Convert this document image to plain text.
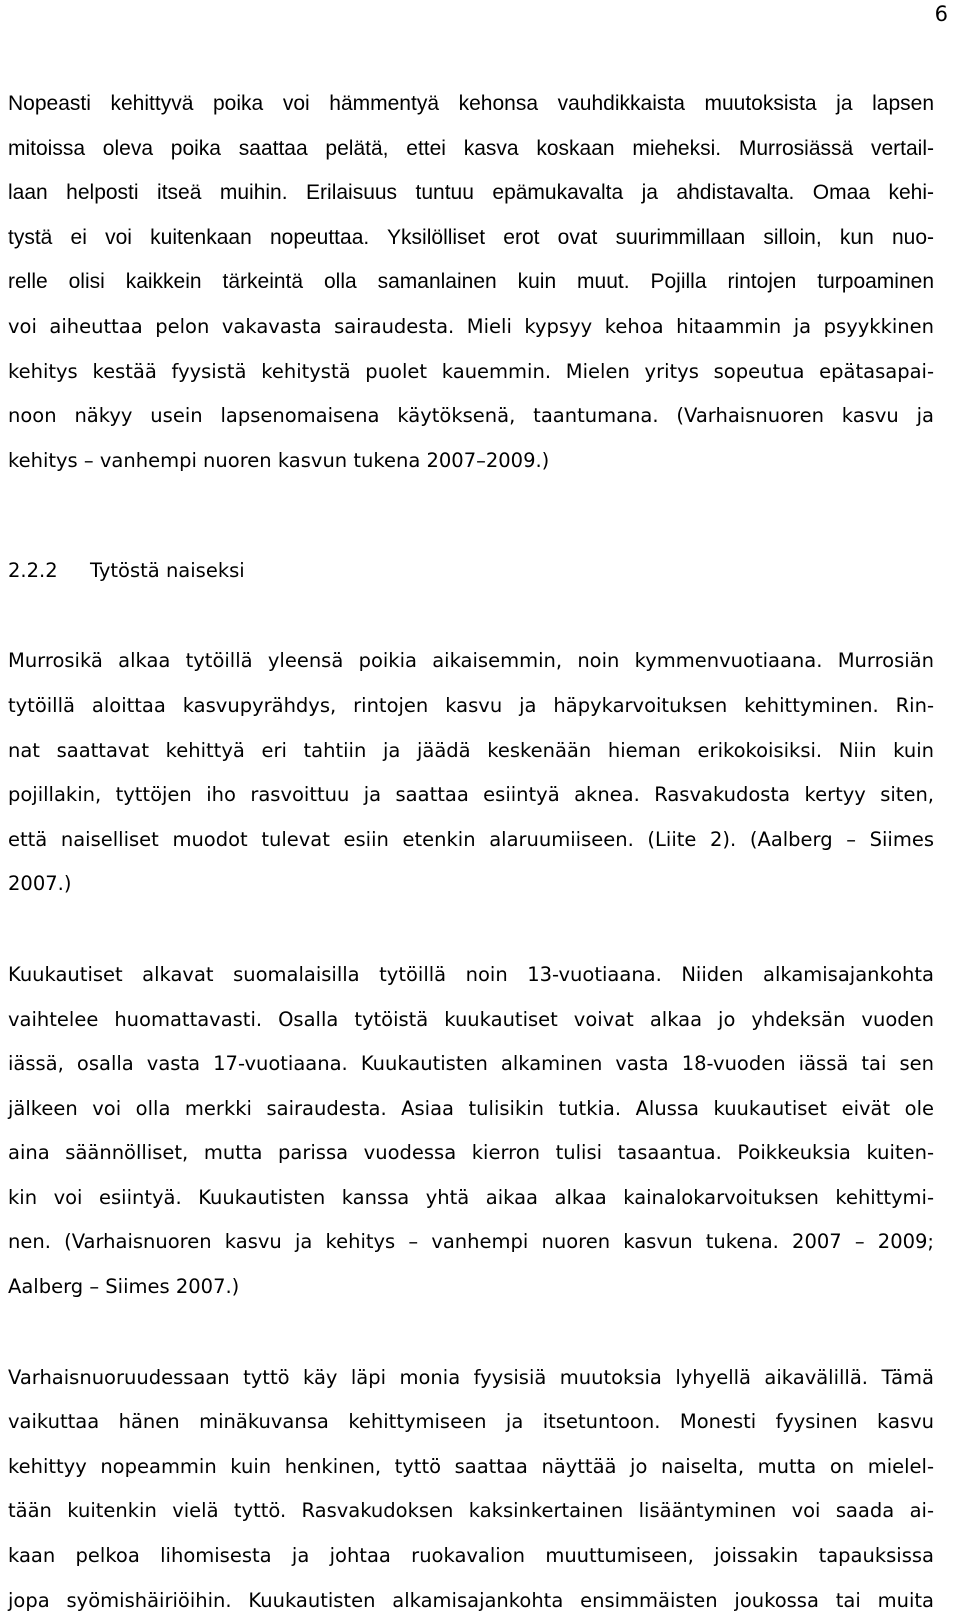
6

Nopeasti kehittyvä poika voi hämmentyä kehonsa vauhdikkaista muutoksista ja lapsen
mitoissa oleva poika saattaa pelätä, ettei kasva koskaan mieheksi. Murrosiässä vertail-
laan helposti itseä muihin. Erilaisuus tuntuu epämukavalta ja ahdistavalta. Omaa kehi-
tystä ei voi kuitenkaan nopeuttaa. Yksilölliset erot ovat suurimmillaan silloin, kun nuo-
relle olisi kaikkein tärkeintä olla samanlainen kuin muut. Pojilla rintojen turpoaminen
voi aiheuttaa pelon vakavasta sairaudesta. Mieli kypsyy kehoa hitaammin ja psyykkinen
kehitys kestää fyysistä kehitystä puolet kauemmin. Mielen yritys sopeutua epätasapai-
noon näkyy usein lapsenomaisena käytöksenä, taantumana. (Varhaisnuoren kasvu ja
kehitys – vanhempi nuoren kasvun tukena 2007–2009.)

2.2.2	Tytöstä naiseksi

Murrosikä alkaa tytöillä yleensä poikia aikaisemmin, noin kymmenvuotiaana. Murrosiän
tytöillä aloittaa kasvupyrähdys, rintojen kasvu ja häpykarvoituksen kehittyminen. Rin-
nat saattavat kehittyä eri tahtiin ja jäädä keskenään hieman erikokoisiksi. Niin kuin
pojillakin, tyttöjen iho rasvoittuu ja saattaa esiintyä aknea. Rasvakudosta kertyy siten,
että naiselliset muodot tulevat esiin etenkin alaruumiiseen. (Liite 2). (Aalberg – Siimes
2007.)

Kuukautiset alkavat suomalaisilla tytöillä noin 13-vuotiaana. Niiden alkamisajankohta
vaihtelee huomattavasti. Osalla tytöistä kuukautiset voivat alkaa jo yhdeksän vuoden
iässä, osalla vasta 17-vuotiaana. Kuukautisten alkaminen vasta 18-vuoden iässä tai sen
jälkeen voi olla merkki sairaudesta. Asiaa tulisikin tutkia. Alussa kuukautiset eivät ole
aina säännölliset, mutta parissa vuodessa kierron tulisi tasaantua. Poikkeuksia kuiten-
kin voi esiintyä. Kuukautisten kanssa yhtä aikaa alkaa kainalokarvoituksen kehittymi-
nen. (Varhaisnuoren kasvu ja kehitys – vanhempi nuoren kasvun tukena. 2007 – 2009;
Aalberg – Siimes 2007.)

Varhaisnuoruudessaan tyttö käy läpi monia fyysisiä muutoksia lyhyellä aikavälillä. Tämä
vaikuttaa hänen minäkuvansa kehittymiseen ja itsetuntoon. Monesti fyysinen kasvu
kehittyy nopeammin kuin henkinen, tyttö saattaa näyttää jo naiselta, mutta on mielel-
tään kuitenkin vielä tyttö. Rasvakudoksen kaksinkertainen lisääntyminen voi saada ai-
kaan pelkoa lihomisesta ja johtaa ruokavalion muuttumiseen, joissakin tapauksissa
jopa syömishäiriöihin. Kuukautisten alkamisajankohta ensimmäisten joukossa tai muita
